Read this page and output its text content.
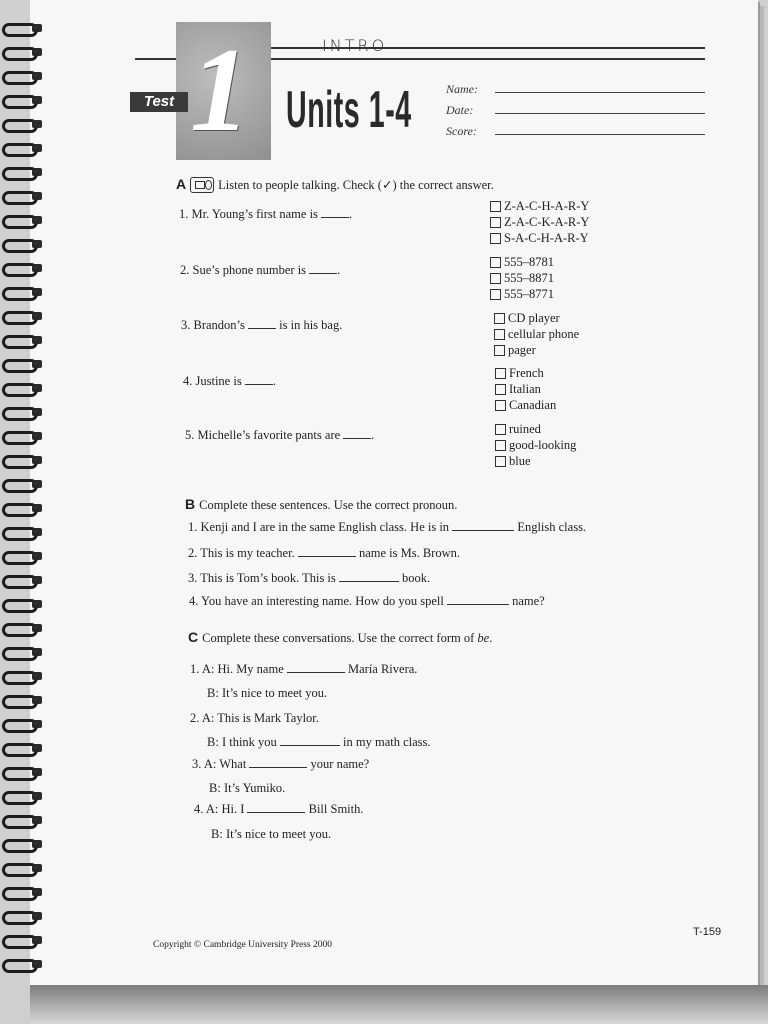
INTRO
1
Test Units 1-4	Name:
Date:
Score:
A	Listen to people talking. Check (✓) the correct answer.
1. Mr. Young’s first name is .
Z-A-C-H-A-R-Y
Z-A-C-K-A-R-Y
S-A-C-H-A-R-Y
2. Sue’s phone number is .
555–8781
555–8871
555–8771
3. Brandon’s	is in his bag.
CD player
cellular phone
pager
4. Justine is .
French
Italian
Canadian
5. Michelle’s favorite pants are .	ruined
good-looking
blue
B Complete these sentences. Use the correct pronoun.
1. Kenji and I are in the same English class. He is in	English class.
2. This is my teacher.	name is Ms. Brown.
3. This is Tom’s book. This is	book.
4. You have an interesting name. How do you spell	name?
C Complete these conversations. Use the correct form of be.
1. A: Hi. My name	María Rivera.
B: It’s nice to meet you.
2. A: This is Mark Taylor.
B: I think you	in my math class.
3. A: What	your name?
B: It’s Yumiko.
4. A: Hi. I	Bill Smith.
B: It’s nice to meet you.
Copyright © Cambridge University Press 2000
T-159
